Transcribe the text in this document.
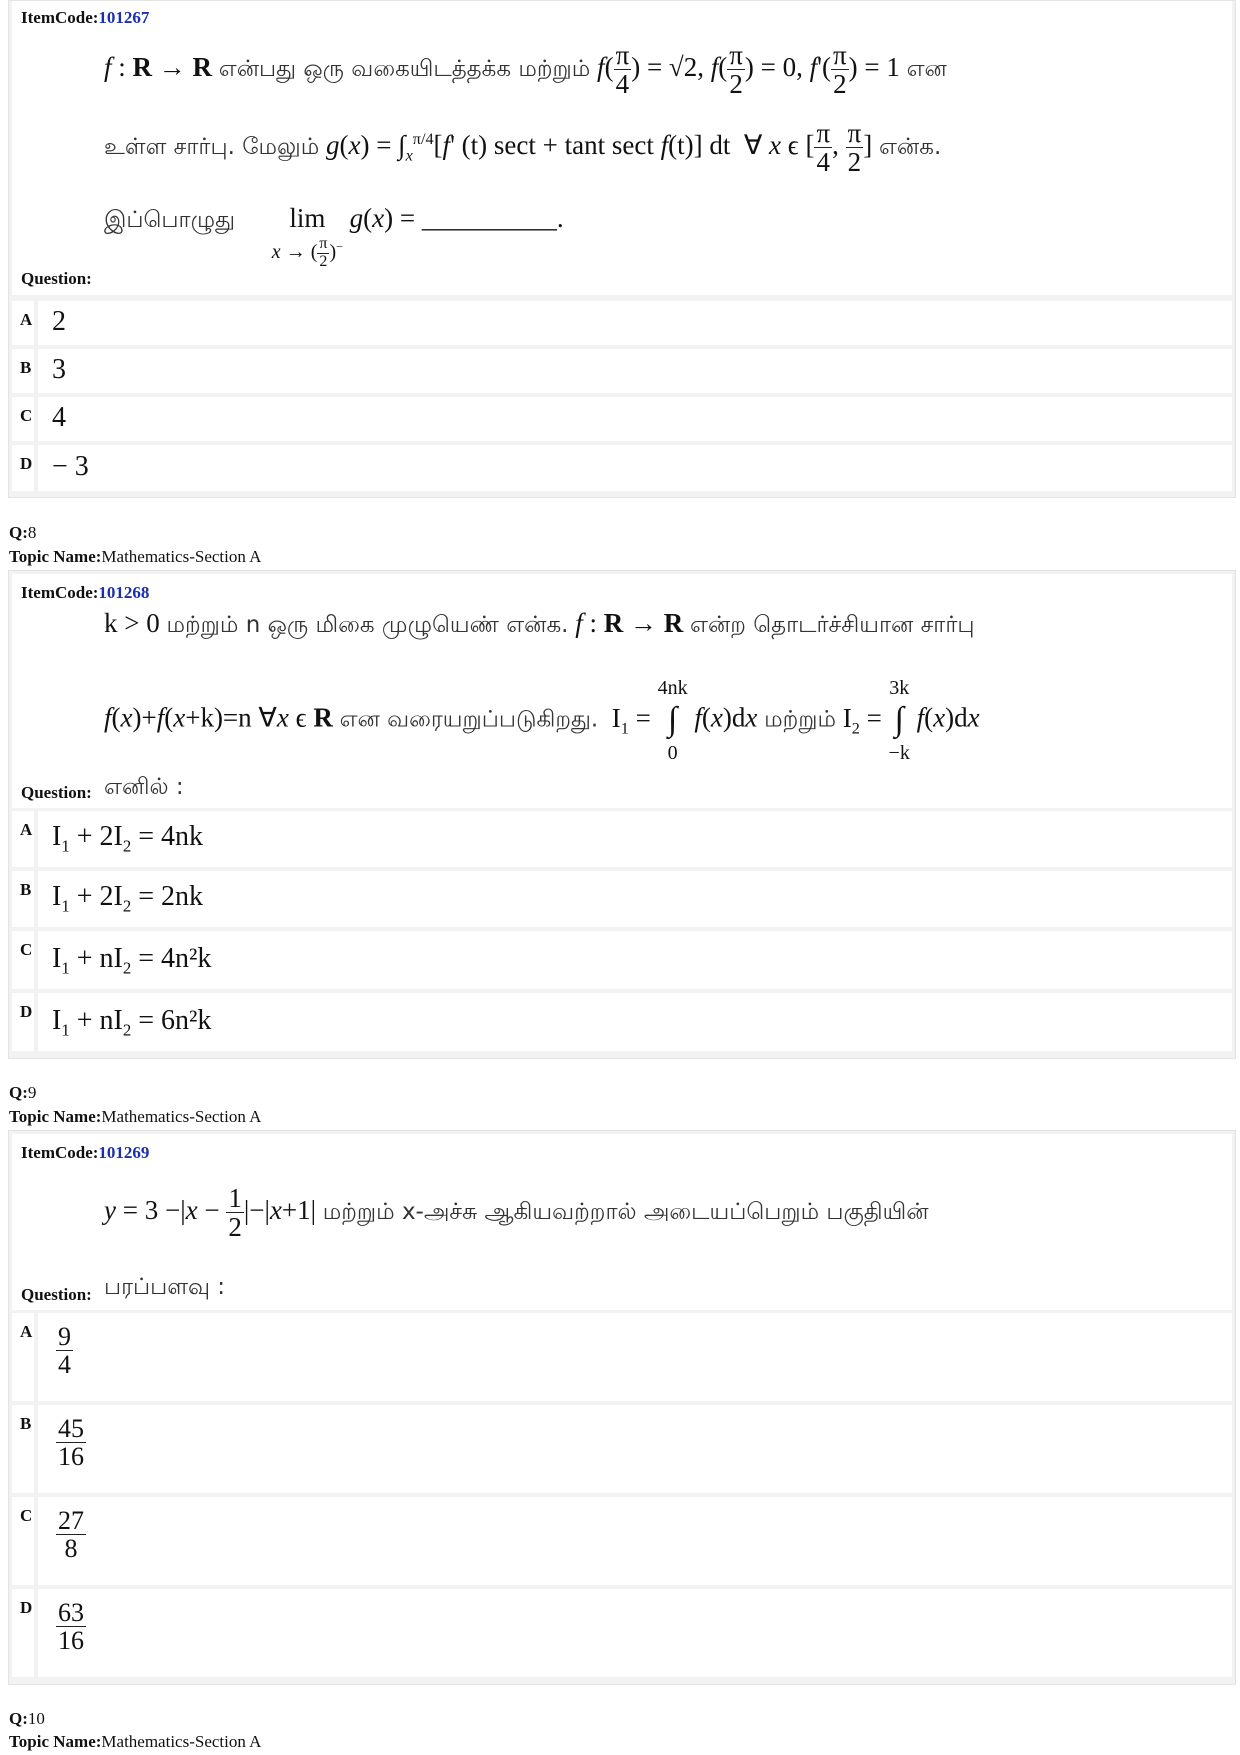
ItemCode:101267
f : R → R என்பது ஒரு வகையிடத்தக்க மற்றும் $f( \frac{\pi}{4}$ ) = √2, $f( \frac{\pi}{2}$ ) = 0, $f'( \frac{\pi}{2}$ ) = 1 என
உள்ள சார்பு. மேலும் $g(x) = \int_x^{\pi/4}[f'$ (t) sect + tant sect f(t)] dt  ∀ x ϵ [ $\frac{\pi}{4}$ , $\frac{\pi}{2}$ ] என்க.
இப்பொழுது lim
x → ( $\frac{\pi}{2} )^-$ g(x) = __________.
Question:
A 2
B 3
C 4
D − 3
Q:8
Topic Name:Mathematics-Section A
ItemCode:101268
k > 0 மற்றும் n ஒரு மிகை முழுயெண் என்க. f : R → R என்ற தொடர்ச்சியான சார்பு
f(x)+f(x+k)=n ∀x ϵ R என வரையறுப்படுகிறது.  $I_1 = 4nk$
∫
0 f(x)dx மற்றும் $I_2 = 3k$
∫
−k f(x)dx
எனில் :
Question:
A $I_1 + 2I_2 = 4nk$
B $I_1 + 2I_2 = 2nk$
C $I_1 + nI_2 = 4n^2k$
D $I_1 + nI_2 = 6n^2k$
Q:9
Topic Name:Mathematics-Section A
ItemCode:101269
$y = 3 -|x - \frac{1}{2} |-|x+1|$ மற்றும் x-அச்சு ஆகியவற்றால் அடையப்பெறும் பகுதியின்
பரப்பளவு :
Question:
A $\frac{9}{4}$
B $\frac{45}{16}$
C $\frac{27}{8}$
D $\frac{63}{16}$
Q:10
Topic Name:Mathematics-Section A
